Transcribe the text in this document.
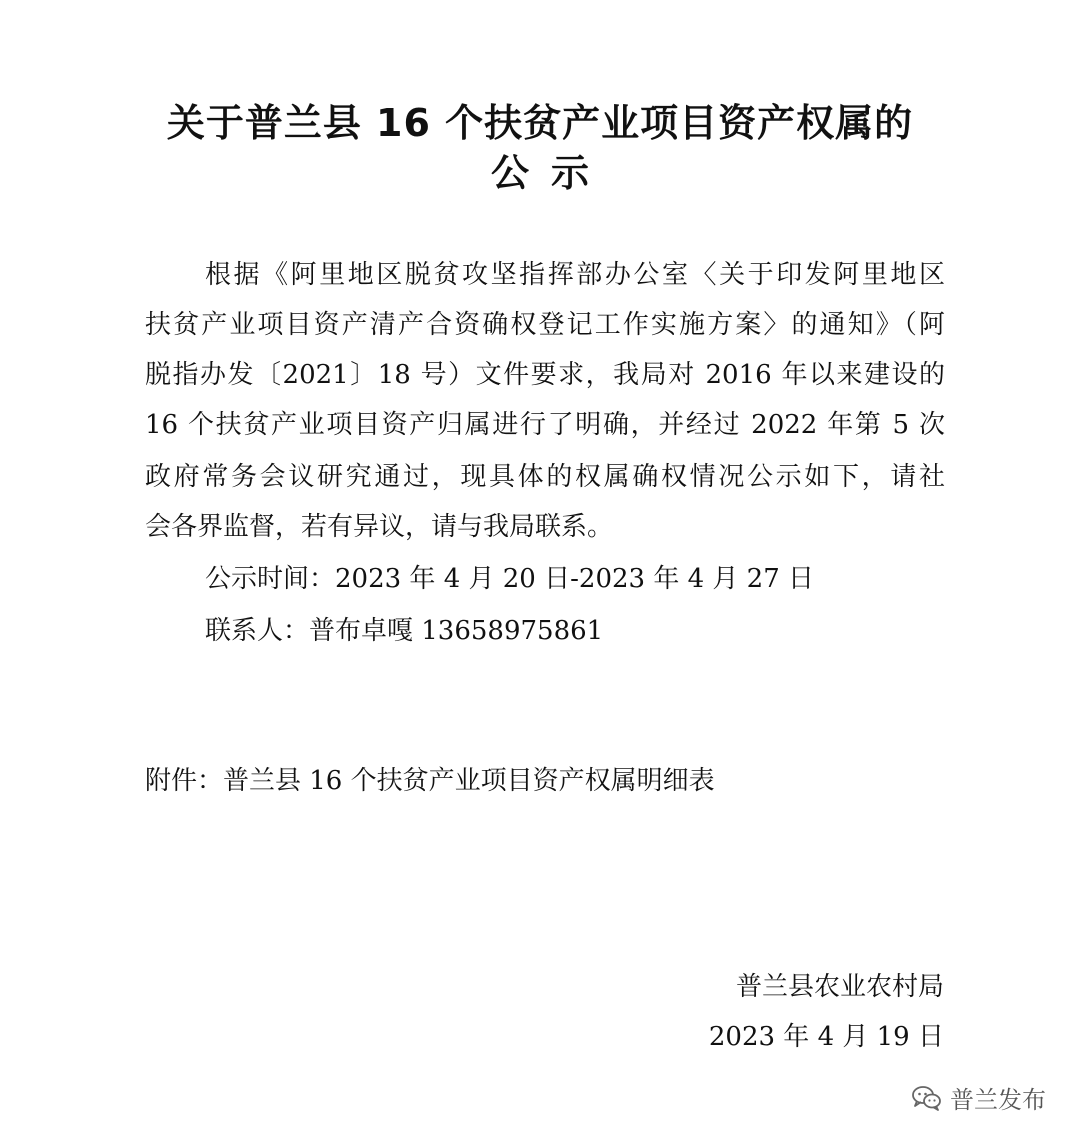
关于普兰县 16 个扶贫产业项目资产权属的
公示
根据《阿里地区脱贫攻坚指挥部办公室〈关于印发阿里地区
扶贫产业项目资产清产合资确权登记工作实施方案〉的通知》（阿
脱指办发〔2021〕18 号）文件要求，我局对 2016 年以来建设的
16 个扶贫产业项目资产归属进行了明确，并经过 2022 年第 5 次
政府常务会议研究通过，现具体的权属确权情况公示如下，请社
会各界监督，若有异议，请与我局联系。
公示时间：2023 年 4 月 20 日-2023 年 4 月 27 日
联系人：普布卓嘎 13658975861
附件：普兰县 16 个扶贫产业项目资产权属明细表
普兰县农业农村局
2023 年 4 月 19 日
普兰发布
